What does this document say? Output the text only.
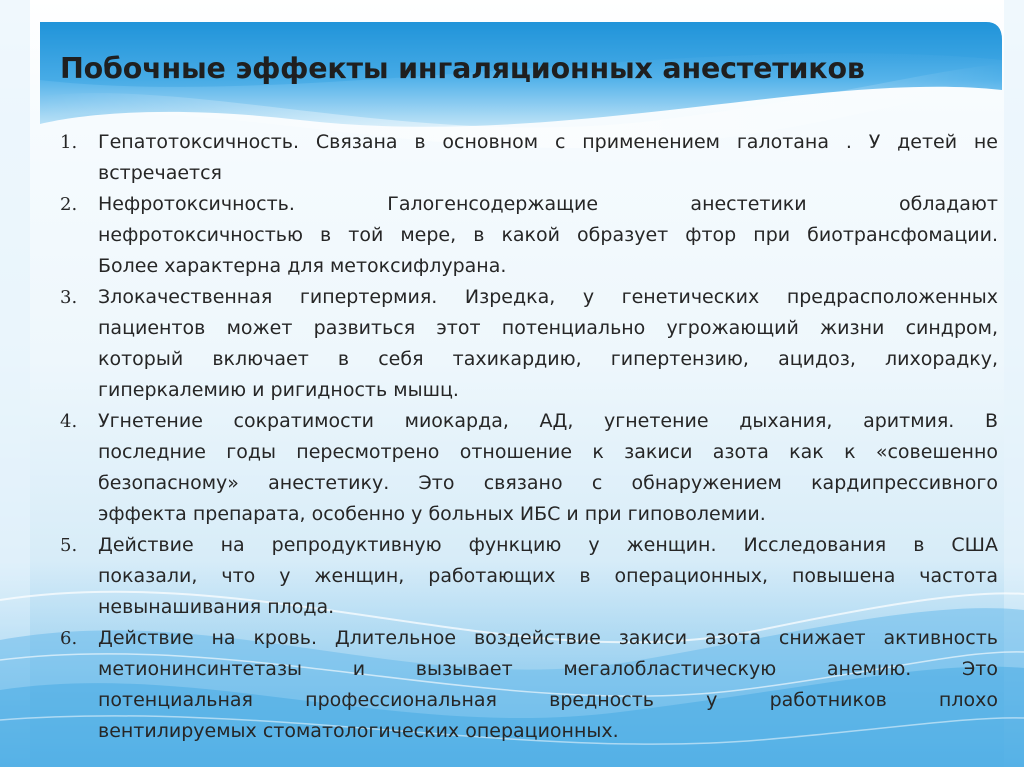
Побочные эффекты ингаляционных анестетиков
1. Гепатотоксичность. Связана в основном с применением галотана . У детей не
встречается
2. Нефротоксичность. Галогенсодержащие анестетики обладают
нефротоксичностью в той мере, в какой образует фтор при биотрансфомации.
Более характерна для метоксифлурана.
3. Злокачественная гипертермия. Изредка, у генетических предрасположенных
пациентов может развиться этот потенциально угрожающий жизни синдром,
который включает в себя тахикардию, гипертензию, ацидоз, лихорадку,
гиперкалемию и ригидность мышц.
4. Угнетение сократимости миокарда, АД, угнетение дыхания, аритмия. В
последние годы пересмотрено отношение к закиси азота как к «совешенно
безопасному» анестетику. Это связано с обнаружением кардипрессивного
эффекта препарата, особенно у больных ИБС и при гиповолемии.
5. Действие на репродуктивную функцию у женщин. Исследования в США
показали, что у женщин, работающих в операционных, повышена частота
невынашивания плода.
6. Действие на кровь. Длительное воздействие закиси азота снижает активность
метионинсинтетазы и вызывает мегалобластическую анемию. Это
потенциальная профессиональная вредность у работников плохо
вентилируемых стоматологических операционных.
